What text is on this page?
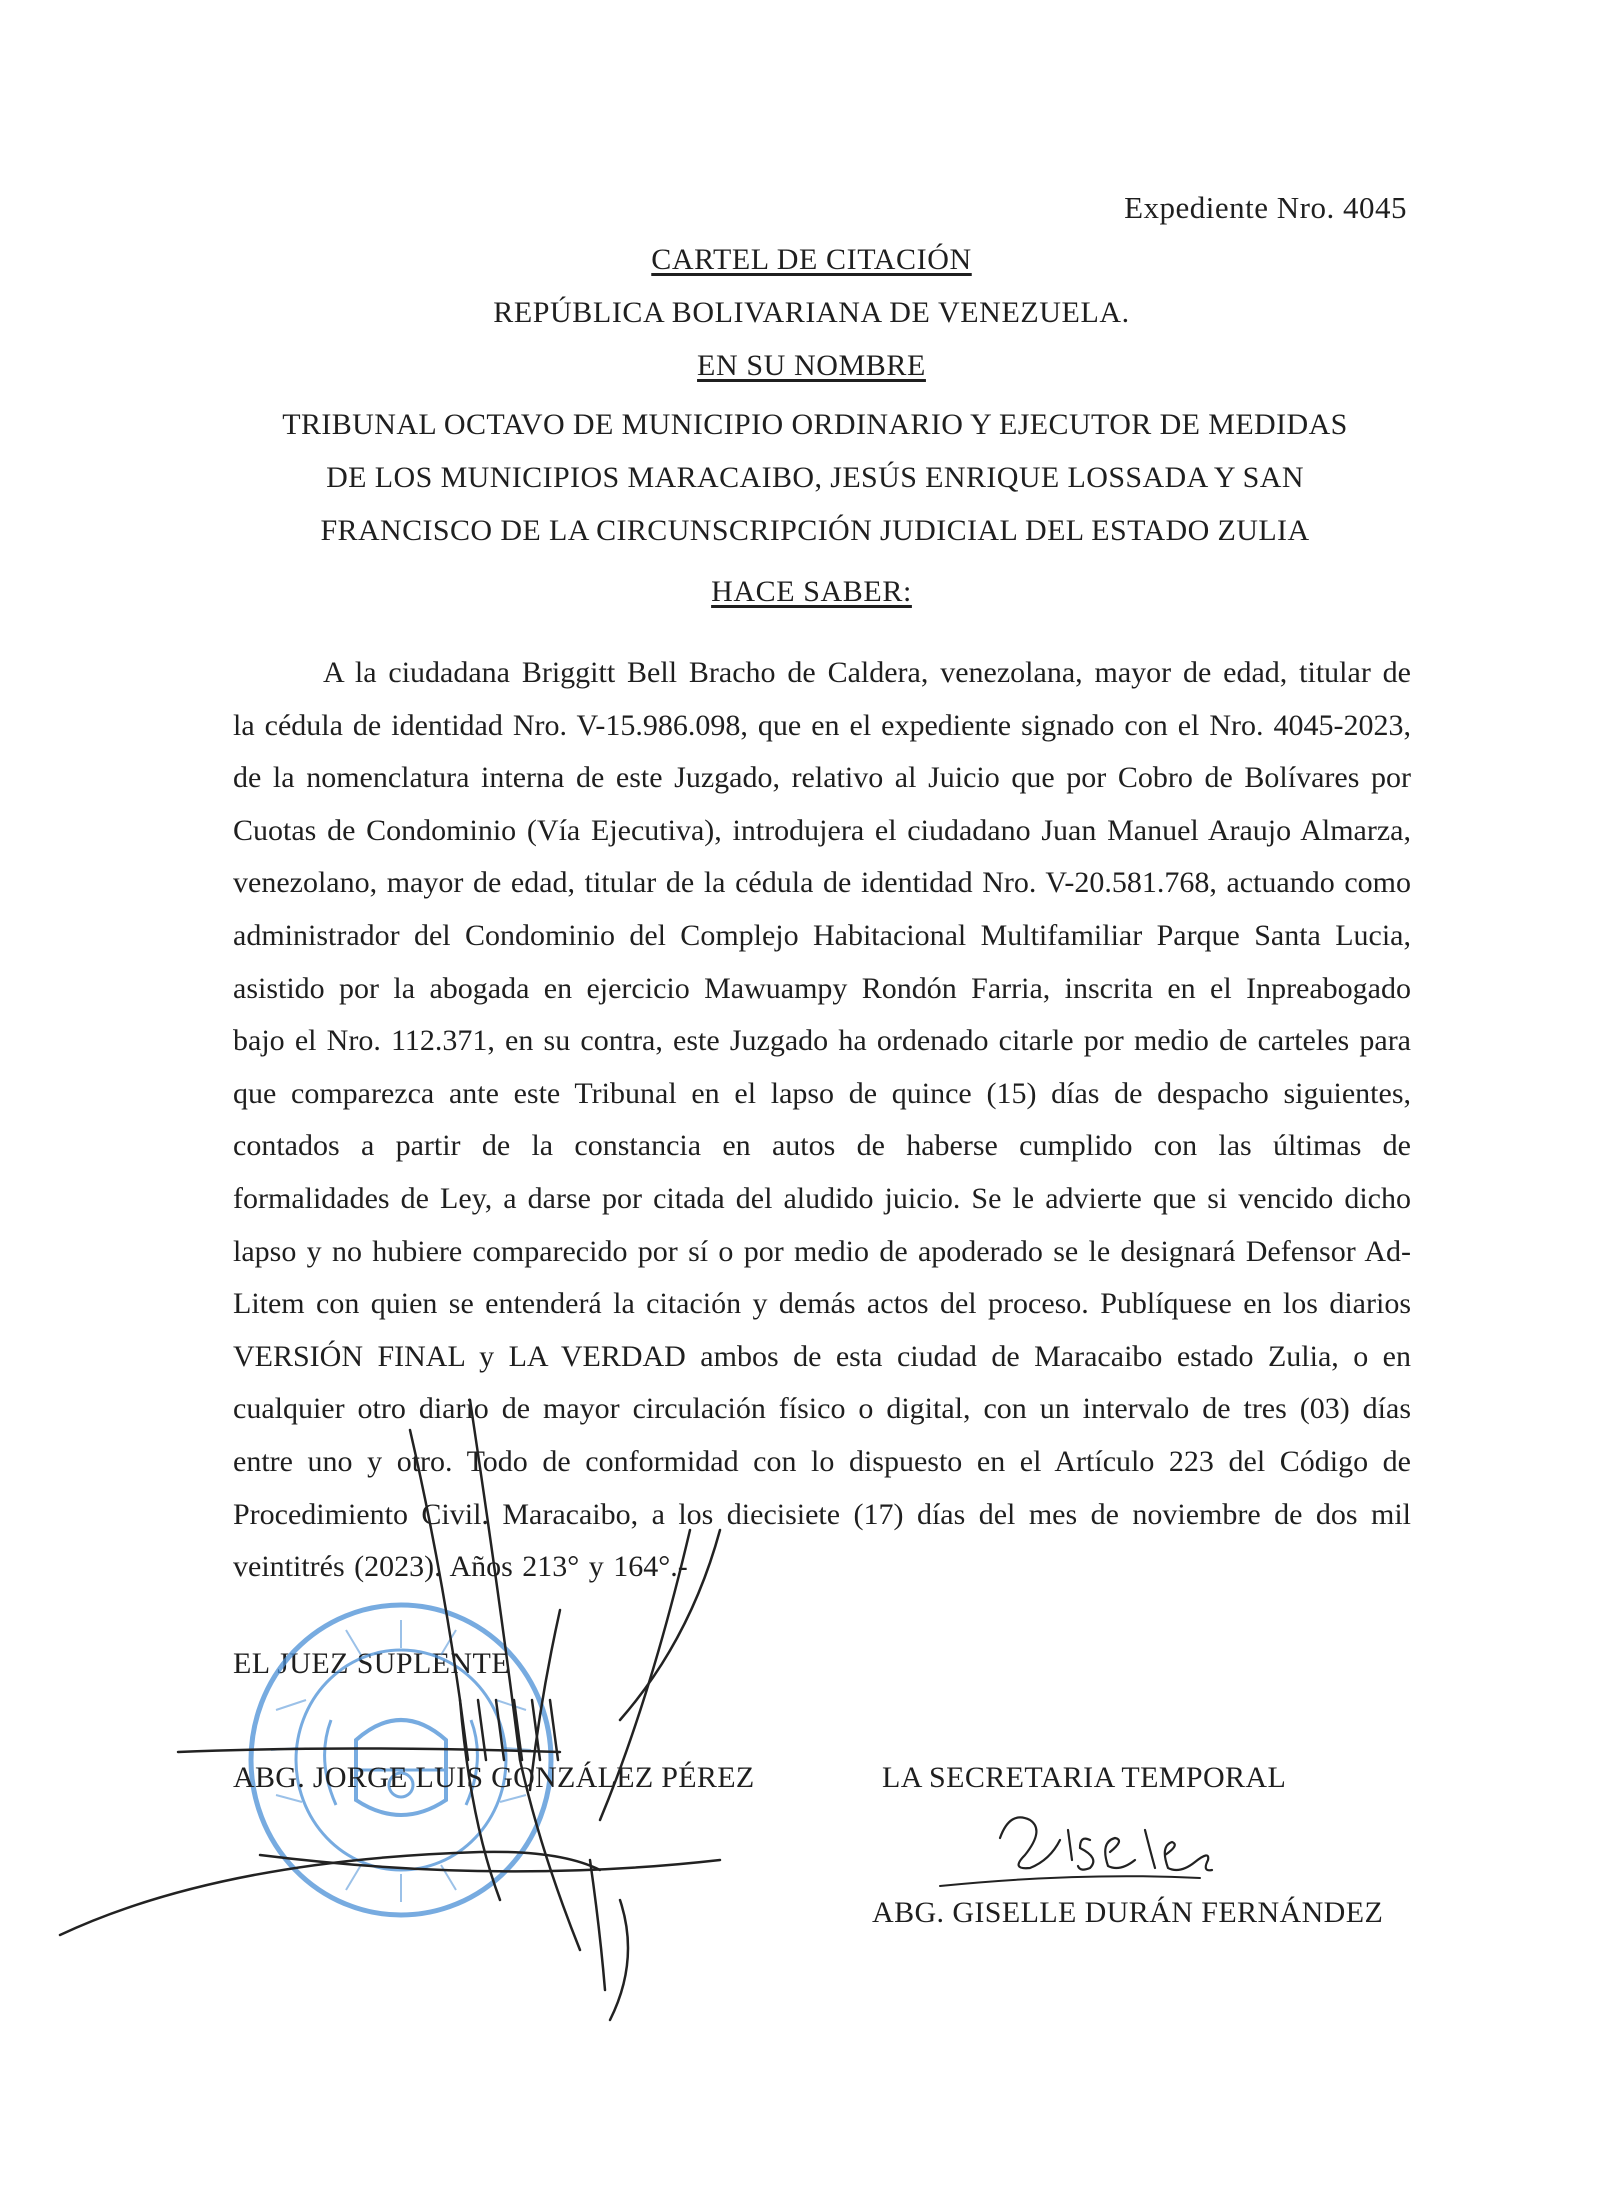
Expediente Nro. 4045
CARTEL DE CITACIÓN
REPÚBLICA BOLIVARIANA DE VENEZUELA.
EN SU NOMBRE
TRIBUNAL OCTAVO DE MUNICIPIO ORDINARIO Y EJECUTOR DE MEDIDAS
DE LOS MUNICIPIOS MARACAIBO, JESÚS ENRIQUE LOSSADA Y SAN
FRANCISCO DE LA CIRCUNSCRIPCIÓN JUDICIAL DEL ESTADO ZULIA
HACE SABER:
A la ciudadana Briggitt Bell Bracho de Caldera, venezolana, mayor de edad, titular de la cédula de identidad Nro. V-15.986.098, que en el expediente signado con el Nro. 4045-2023, de la nomenclatura interna de este Juzgado, relativo al Juicio que por Cobro de Bolívares por Cuotas de Condominio (Vía Ejecutiva), introdujera el ciudadano Juan Manuel Araujo Almarza, venezolano, mayor de edad, titular de la cédula de identidad Nro. V-20.581.768, actuando como administrador del Condominio del Complejo Habitacional Multifamiliar Parque Santa Lucia, asistido por la abogada en ejercicio Mawuampy Rondón Farria, inscrita en el Inpreabogado bajo el Nro. 112.371, en su contra, este Juzgado ha ordenado citarle por medio de carteles para que comparezca ante este Tribunal en el lapso de quince (15) días de despacho siguientes, contados a partir de la constancia en autos de haberse cumplido con las últimas de formalidades de Ley, a darse por citada del aludido juicio. Se le advierte que si vencido dicho lapso y no hubiere comparecido por sí o por medio de apoderado se le designará Defensor Ad-Litem con quien se entenderá la citación y demás actos del proceso. Publíquese en los diarios VERSIÓN FINAL y LA VERDAD ambos de esta ciudad de Maracaibo estado Zulia, o en cualquier otro diario de mayor circulación físico o digital, con un intervalo de tres (03) días entre uno y otro. Todo de conformidad con lo dispuesto en el Artículo 223 del Código de Procedimiento Civil. Maracaibo, a los diecisiete (17) días del mes de noviembre de dos mil veintitrés (2023). Años 213° y 164°.-
EL JUEZ SUPLENTE
ABG. JORGE LUIS GONZÁLEZ PÉREZ	LA SECRETARIA TEMPORAL
ABG. GISELLE DURÁN FERNÁNDEZ
